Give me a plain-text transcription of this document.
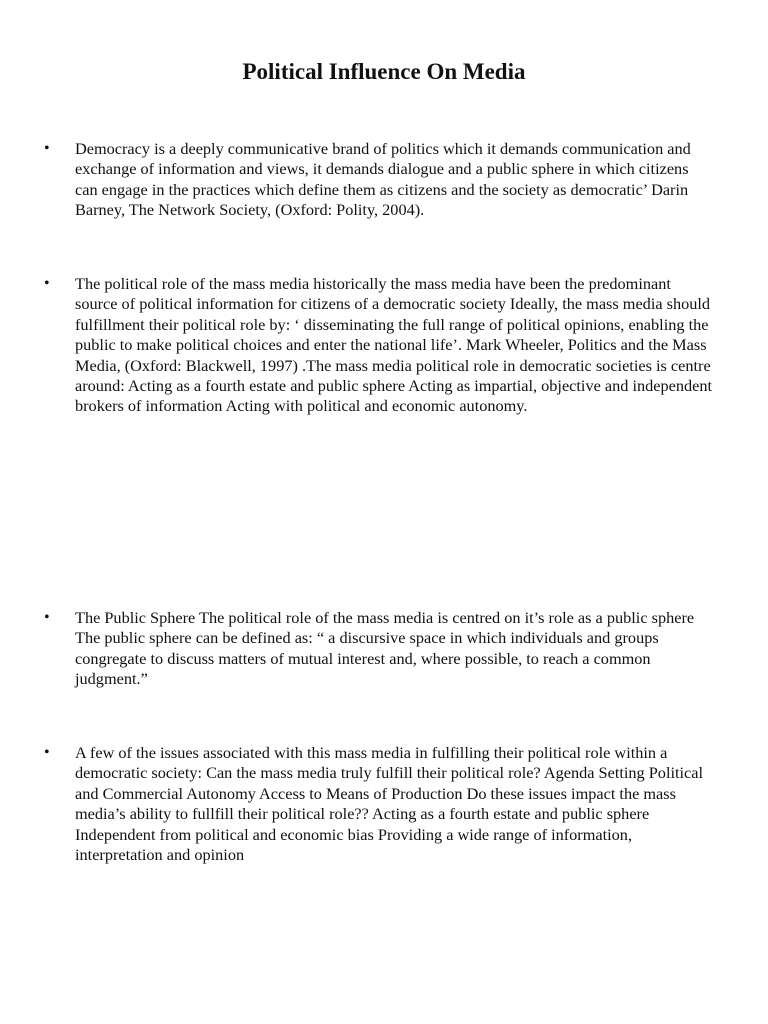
Political Influence On Media
•	Democracy is a deeply communicative brand of politics which it demands communication and exchange of information and views, it demands dialogue and a public sphere in which citizens can engage in the practices which define them as citizens and the society as democratic’ Darin Barney, The Network Society, (Oxford: Polity, 2004).

•	The political role of the mass media historically the mass media have been the predominant source of political information for citizens of a democratic society Ideally, the mass media should fulfillment their political role by: ‘ disseminating the full range of political opinions, enabling the public to make political choices and enter the national life’. Mark Wheeler, Politics and the Mass Media, (Oxford: Blackwell, 1997) .The mass media political role in democratic societies is centre around: Acting as a fourth estate and public sphere Acting as impartial, objective and independent brokers of information Acting with political and economic autonomy.

•	The Public Sphere The political role of the mass media is centred on it’s role as a public sphere The public sphere can be defined as: “ a discursive space in which individuals and groups congregate to discuss matters of mutual interest and, where possible, to reach a common judgment.”

•	A few of the issues associated with this mass media in fulfilling their political role within a democratic society: Can the mass media truly fulfill their political role? Agenda Setting Political and Commercial Autonomy Access to Means of Production Do these issues impact the mass media’s ability to fullfill their political role?? Acting as a fourth estate and public sphere Independent from political and economic bias Providing a wide range of information, interpretation and opinion
